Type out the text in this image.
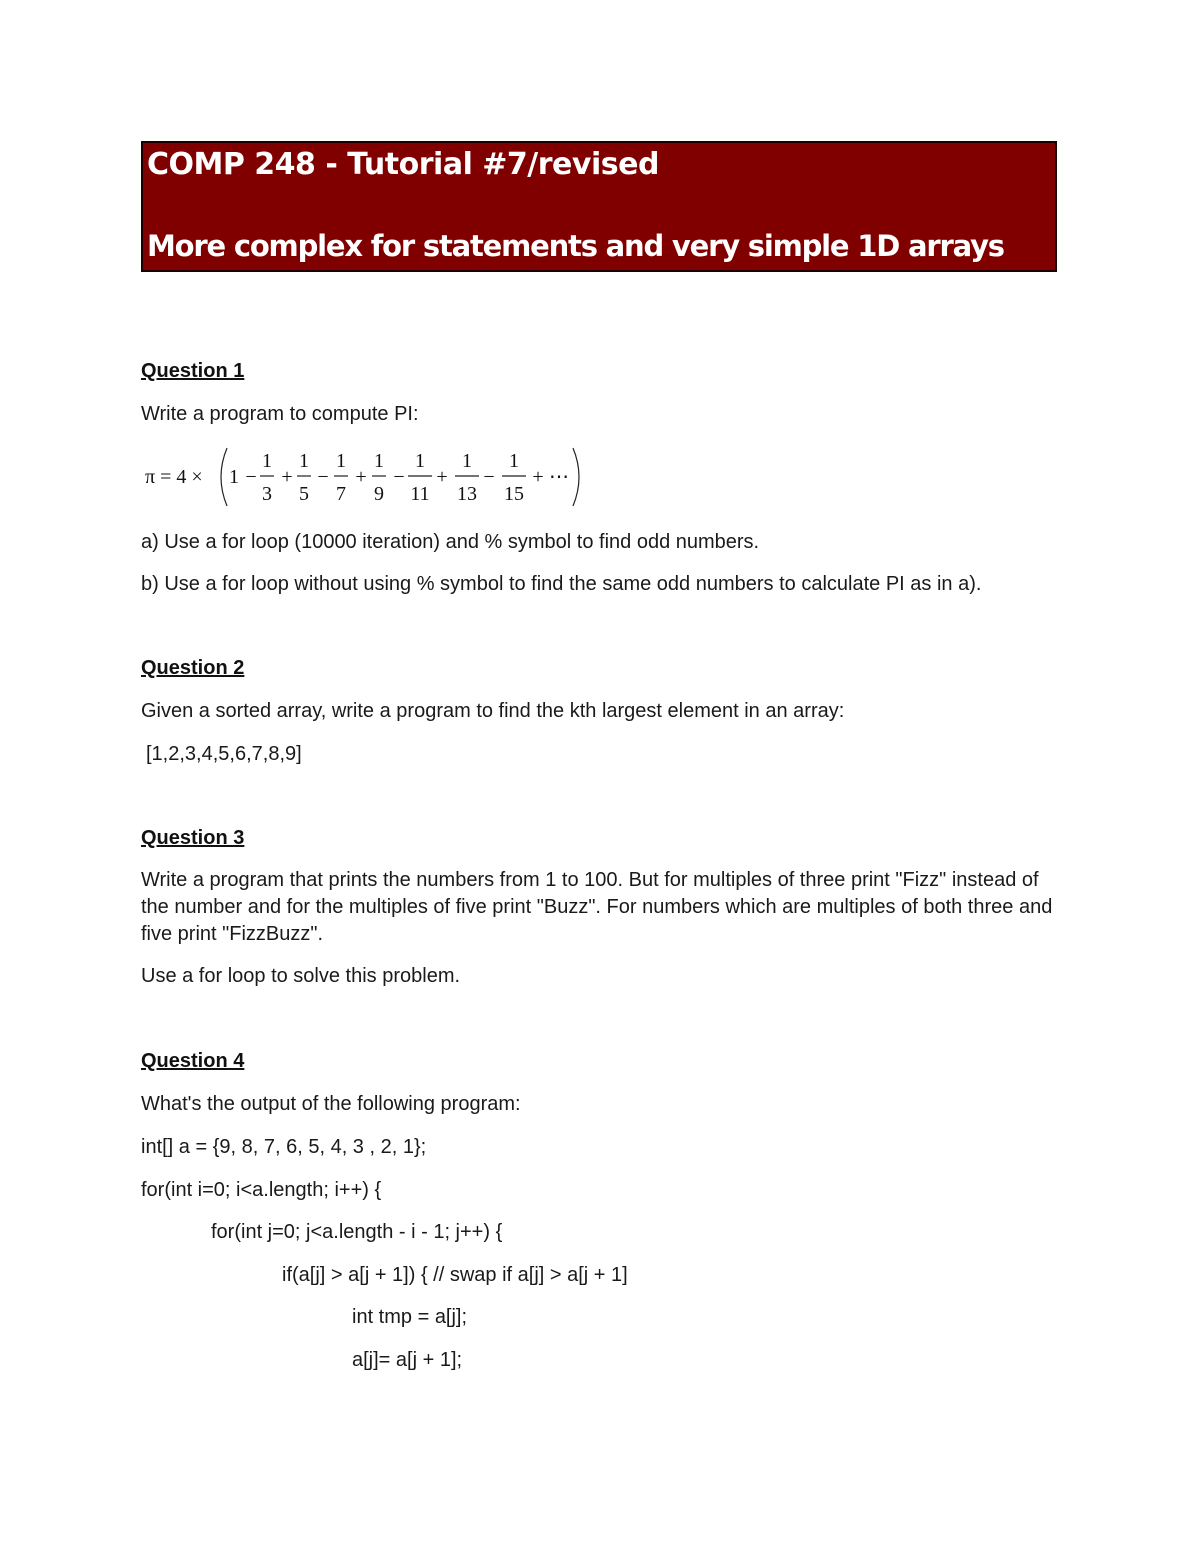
COMP 248 - Tutorial #7/revised
More complex for statements and very simple 1D arrays
Question 1
Write a program to compute PI:
π = 4 × 1 − + − + − + − +
1
3
1
5
1
7
1
9
1
11
1
13
1
15
⋯
a) Use a for loop (10000 iteration) and % symbol to find odd numbers.
b) Use a for loop without using % symbol to find the same odd numbers to calculate PI as in a).
Question 2
Given a sorted array, write a program to find the kth largest element in an array:
[1,2,3,4,5,6,7,8,9]
Question 3
Write a program that prints the numbers from 1 to 100. But for multiples of three print "Fizz" instead of the number and for the multiples of five print "Buzz". For numbers which are multiples of both three and five print "FizzBuzz".
Use a for loop to solve this problem.
Question 4
What's the output of the following program:
int[] a = {9, 8, 7, 6, 5, 4, 3 , 2, 1};
for(int i=0; i<a.length; i++) {
for(int j=0; j<a.length - i - 1; j++) {
if(a[j] > a[j + 1]) { // swap if a[j] > a[j + 1]
int tmp = a[j];
a[j]= a[j + 1];
